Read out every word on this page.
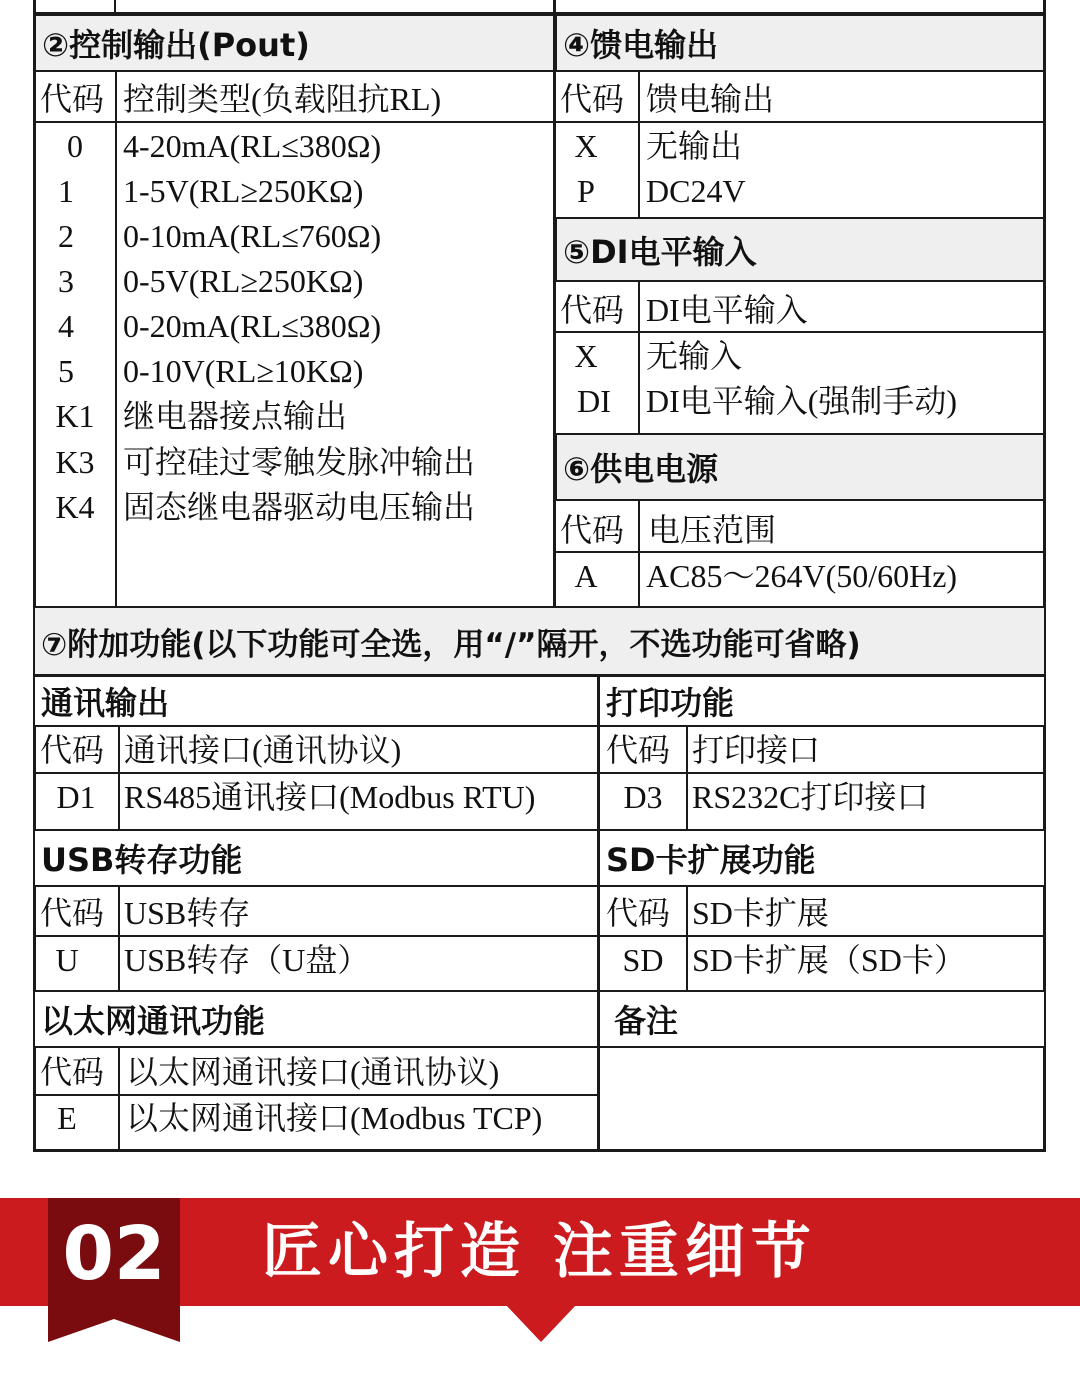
②控制输出(Pout)
代码 控制类型(负载阻抗RL)
0	4-20mA(RL≤380Ω)
1	1-5V(RL≥250KΩ)
2	0-10mA(RL≤760Ω)
3	0-5V(RL≥250KΩ)
4	0-20mA(RL≤380Ω)
5	0-10V(RL≥10KΩ)
K1 继电器接点输出
K3 可控硅过零触发脉冲输出
K4 固态继电器驱动电压输出
④馈电输出
代码 馈电输出
X	无输出
P	DC24V
⑤DI电平输入
代码 DI电平输入
X	无输入
DI	DI电平输入(强制手动)
⑥供电电源
代码 电压范围
A	AC85～264V(50/60Hz)
⑦附加功能(以下功能可全选，用“/”隔开，不选功能可省略)
通讯输出	打印功能
代码 通讯接口(通讯协议)
D1 RS485通讯接口(Modbus RTU)
代码 打印接口
D3 RS232C打印接口
USB转存功能	SD卡扩展功能
代码 USB转存
U	USB转存（U盘）
代码 SD卡扩展
SD SD卡扩展（SD卡）
以太网通讯功能	备注
代码 以太网通讯接口(通讯协议)
E	以太网通讯接口(Modbus TCP)
02 匠心打造 注重细节
